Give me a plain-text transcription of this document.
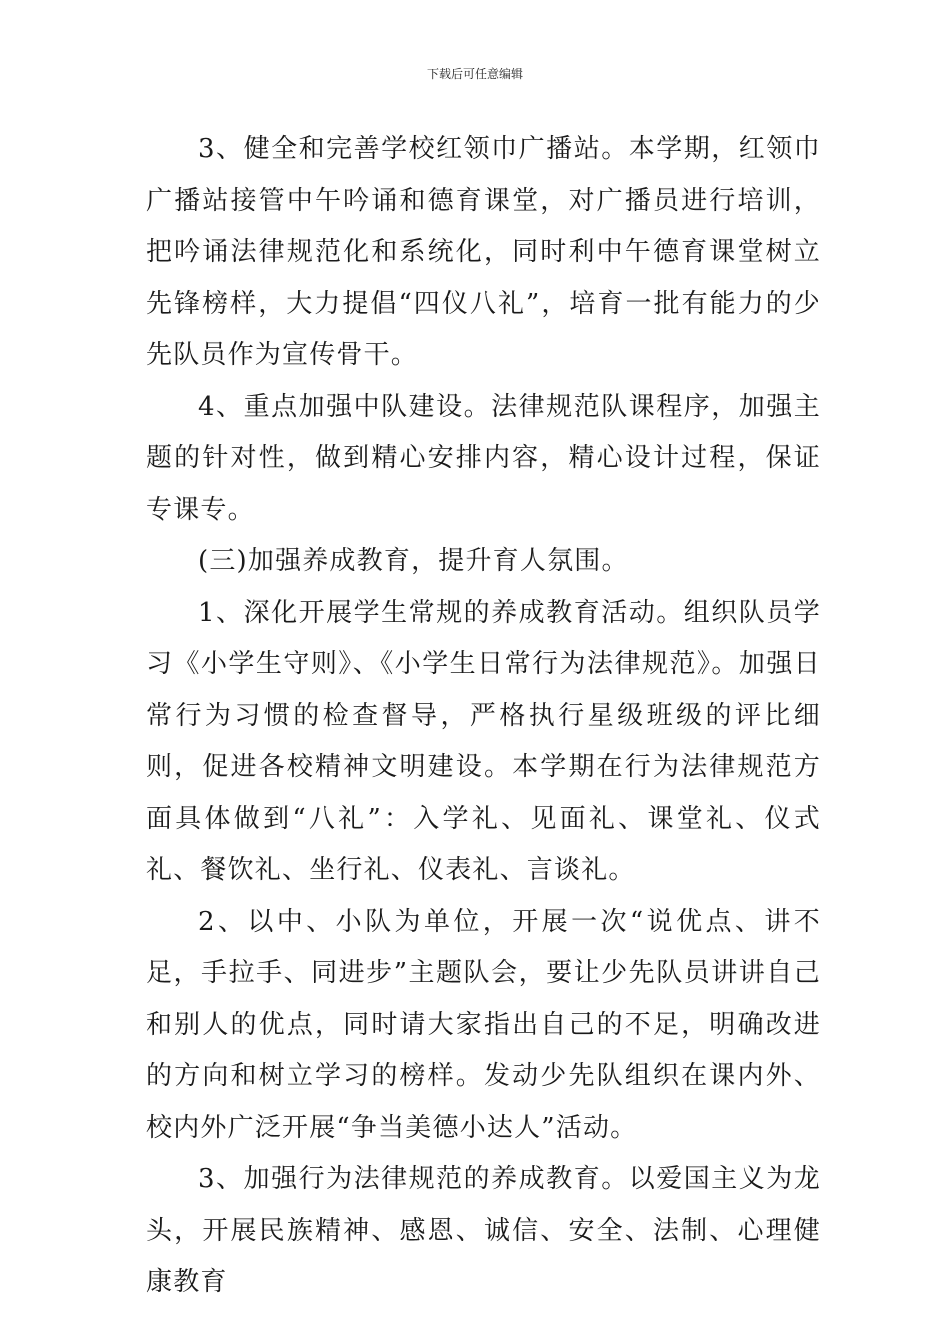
下载后可任意编辑

3、健全和完善学校红领巾广播站。本学期，红领巾广播站接管中午吟诵和德育课堂，对广播员进行培训，把吟诵法律规范化和系统化，同时利中午德育课堂树立先锋榜样，大力提倡“四仪八礼”，培育一批有能力的少先队员作为宣传骨干。

4、重点加强中队建设。法律规范队课程序，加强主题的针对性，做到精心安排内容，精心设计过程，保证专课专。

(三)加强养成教育，提升育人氛围。

1、深化开展学生常规的养成教育活动。组织队员学习《小学生守则》、《小学生日常行为法律规范》。加强日常行为习惯的检查督导，严格执行星级班级的评比细则，促进各校精神文明建设。本学期在行为法律规范方面具体做到“八礼”：入学礼、见面礼、课堂礼、仪式礼、餐饮礼、坐行礼、仪表礼、言谈礼。

2、以中、小队为单位，开展一次“说优点、讲不足，手拉手、同进步”主题队会，要让少先队员讲讲自己和别人的优点，同时请大家指出自己的不足，明确改进的方向和树立学习的榜样。发动少先队组织在课内外、校内外广泛开展“争当美德小达人”活动。

3、加强行为法律规范的养成教育。以爱国主义为龙头，开展民族精神、感恩、诚信、安全、法制、心理健康教育
